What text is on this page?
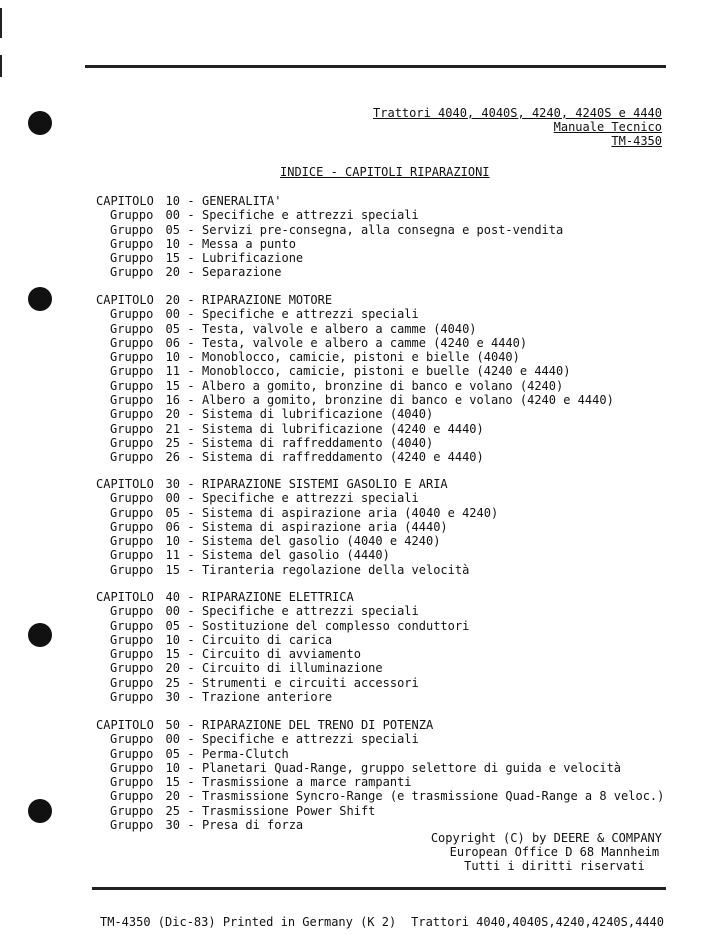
Trattori 4040, 4040S, 4240, 4240S e 4440
Manuale Tecnico
TM-4350
INDICE - CAPITOLI RIPARAZIONI
CAPITOLO 10 - GENERALITA'
Gruppo	00 - Specifiche e attrezzi speciali
Gruppo	05 - Servizi pre-consegna, alla consegna e post-vendita
Gruppo	10 - Messa a punto
Gruppo	15 - Lubrificazione
Gruppo	20 - Separazione
CAPITOLO 20 - RIPARAZIONE MOTORE
Gruppo	00 - Specifiche e attrezzi speciali
Gruppo	05 - Testa, valvole e albero a camme (4040)
Gruppo	06 - Testa, valvole e albero a camme (4240 e 4440)
Gruppo	10 - Monoblocco, camicie, pistoni e bielle (4040)
Gruppo	11 - Monoblocco, camicie, pistoni e buelle (4240 e 4440)
Gruppo	15 - Albero a gomito, bronzine di banco e volano (4240)
Gruppo	16 - Albero a gomito, bronzine di banco e volano (4240 e 4440)
Gruppo	20 - Sistema di lubrificazione (4040)
Gruppo	21 - Sistema di lubrificazione (4240 e 4440)
Gruppo	25 - Sistema di raffreddamento (4040)
Gruppo	26 - Sistema di raffreddamento (4240 e 4440)
CAPITOLO 30 - RIPARAZIONE SISTEMI GASOLIO E ARIA
Gruppo	00 - Specifiche e attrezzi speciali
Gruppo	05 - Sistema di aspirazione aria (4040 e 4240)
Gruppo	06 - Sistema di aspirazione aria (4440)
Gruppo	10 - Sistema del gasolio (4040 e 4240)
Gruppo	11 - Sistema del gasolio (4440)
Gruppo	15 - Tiranteria regolazione della velocità
CAPITOLO 40 - RIPARAZIONE ELETTRICA
Gruppo	00 - Specifiche e attrezzi speciali
Gruppo	05 - Sostituzione del complesso conduttori
Gruppo	10 - Circuito di carica
Gruppo	15 - Circuito di avviamento
Gruppo	20 - Circuito di illuminazione
Gruppo	25 - Strumenti e circuiti accessori
Gruppo	30 - Trazione anteriore
CAPITOLO 50 - RIPARAZIONE DEL TRENO DI POTENZA
Gruppo	00 - Specifiche e attrezzi speciali
Gruppo	05 - Perma-Clutch
Gruppo	10 - Planetari Quad-Range, gruppo selettore di guida e velocità
Gruppo	15 - Trasmissione a marce rampanti
Gruppo	20 - Trasmissione Syncro-Range (e trasmissione Quad-Range a 8 veloc.)
Gruppo	25 - Trasmissione Power Shift
Gruppo	30 - Presa di forza
Copyright (C) by DEERE & COMPANY
European Office D 68 Mannheim
Tutti i diritti riservati
TM-4350 (Dic-83) Printed in Germany (K 2) Trattori 4040,4040S,4240,4240S,4440
